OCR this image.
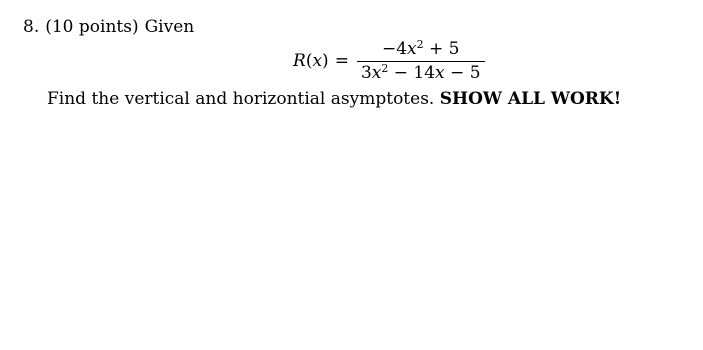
8. (10 points) Given
$R(x) = \frac{-4x^2 + 5}{3x^2 - 14x - 5}$
Find the vertical and horizontial asymptotes. SHOW ALL WORK!
